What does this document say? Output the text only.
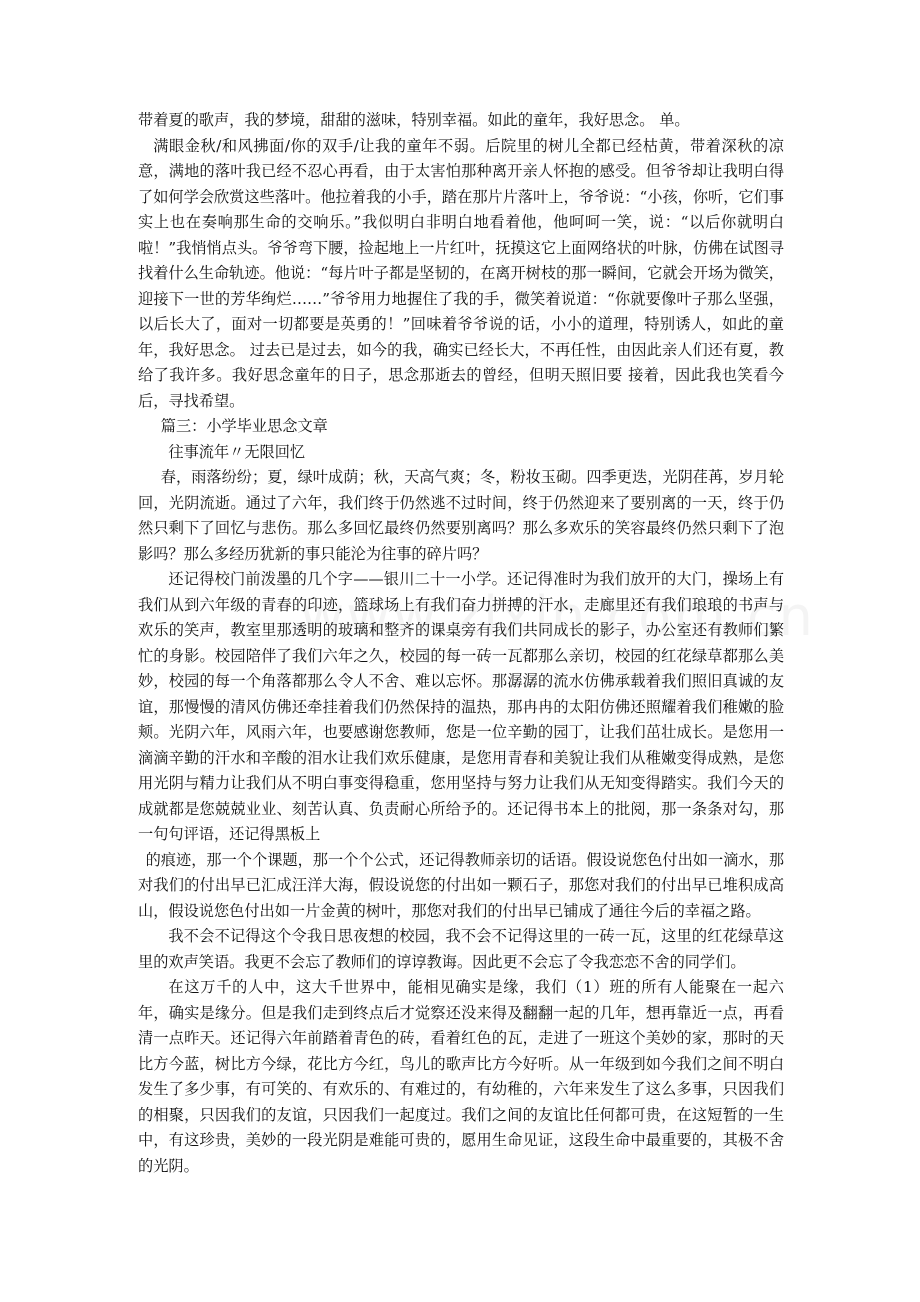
带着夏的歌声，我的梦境，甜甜的滋味，特别幸福。如此的童年，我好思念。 单。

满眼金秋/和风拂面/你的双手/让我的童年不弱。后院里的树儿全都已经枯黄，带着深秋的凉意，满地的落叶我已经不忍心再看，由于太害怕那种离开亲人怀抱的感受。但爷爷却让我明白得了如何学会欣赏这些落叶。他拉着我的小手，踏在那片片落叶上，爷爷说：“小孩，你听，它们事实上也在奏响那生命的交响乐。”我似明白非明白地看着他，他呵呵一笑，说：“以后你就明白啦！”我悄悄点头。爷爷弯下腰，捡起地上一片红叶，抚摸这它上面网络状的叶脉，仿佛在试图寻找着什么生命轨迹。他说：“每片叶子都是坚韧的，在离开树枝的那一瞬间，它就会开场为微笑，迎接下一世的芳华绚烂……”爷爷用力地握住了我的手，微笑着说道：“你就要像叶子那么坚强，以后长大了，面对一切都要是英勇的！”回味着爷爷说的话，小小的道理，特别诱人，如此的童年，我好思念。 过去已是过去，如今的我，确实已经长大，不再任性，由因此亲人们还有夏，教给了我许多。我好思念童年的日子，思念那逝去的曾经，但明天照旧要 接着，因此我也笑看今后，寻找希望。

篇三：小学毕业思念文章

往事流年〃无限回忆

春，雨落纷纷；夏，绿叶成荫；秋，天高气爽；冬，粉妆玉砌。四季更迭，光阴荏苒，岁月轮回，光阴流逝。通过了六年，我们终于仍然逃不过时间，终于仍然迎来了要别离的一天，终于仍然只剩下了回忆与悲伤。那么多回忆最终仍然要别离吗？那么多欢乐的笑容最终仍然只剩下了泡影吗？那么多经历犹新的事只能沦为往事的碎片吗？

还记得校门前泼墨的几个字——银川二十一小学。还记得准时为我们放开的大门，操场上有我们从到六年级的青春的印迹，篮球场上有我们奋力拼搏的汗水，走廊里还有我们琅琅的书声与欢乐的笑声，教室里那透明的玻璃和整齐的课桌旁有我们共同成长的影子，办公室还有教师们繁忙的身影。校园陪伴了我们六年之久，校园的每一砖一瓦都那么亲切，校园的红花绿草都那么美妙，校园的每一个角落都那么令人不舍、难以忘怀。那潺潺的流水仿佛承载着我们照旧真诚的友谊，那慢慢的清风仿佛还牵挂着我们仍然保持的温热，那冉冉的太阳仿佛还照耀着我们稚嫩的脸颊。光阴六年，风雨六年，也要感谢您教师，您是一位辛勤的园丁，让我们茁壮成长。是您用一滴滴辛勤的汗水和辛酸的泪水让我们欢乐健康，是您用青春和美貌让我们从稚嫩变得成熟，是您用光阴与精力让我们从不明白事变得稳重，您用坚持与努力让我们从无知变得踏实。我们今天的成就都是您兢兢业业、刻苦认真、负责耐心所给予的。还记得书本上的批阅，那一条条对勾，那一句句评语，还记得黑板上

的痕迹，那一个个课题，那一个个公式，还记得教师亲切的话语。假设说您色付出如一滴水，那对我们的付出早已汇成汪洋大海，假设说您的付出如一颗石子，那您对我们的付出早已堆积成高山，假设说您色付出如一片金黄的树叶，那您对我们的付出早已铺成了通往今后的幸福之路。

我不会不记得这个令我日思夜想的校园，我不会不记得这里的一砖一瓦，这里的红花绿草这里的欢声笑语。我更不会忘了教师们的谆谆教诲。因此更不会忘了令我恋恋不舍的同学们。

在这万千的人中，这大千世界中，能相见确实是缘，我们（1）班的所有人能聚在一起六年，确实是缘分。但是我们走到终点后才觉察还没来得及翻翻一起的几年，想再靠近一点，再看清一点昨天。还记得六年前踏着青色的砖，看着红色的瓦，走进了一班这个美妙的家，那时的天比方今蓝，树比方今绿，花比方今红，鸟儿的歌声比方今好听。从一年级到如今我们之间不明白发生了多少事，有可笑的、有欢乐的、有难过的，有幼稚的，六年来发生了这么多事，只因我们的相聚，只因我们的友谊，只因我们一起度过。我们之间的友谊比任何都可贵，在这短暂的一生中，有这珍贵，美妙的一段光阴是难能可贵的，愿用生命见证，这段生命中最重要的，其极不舍的光阴。
